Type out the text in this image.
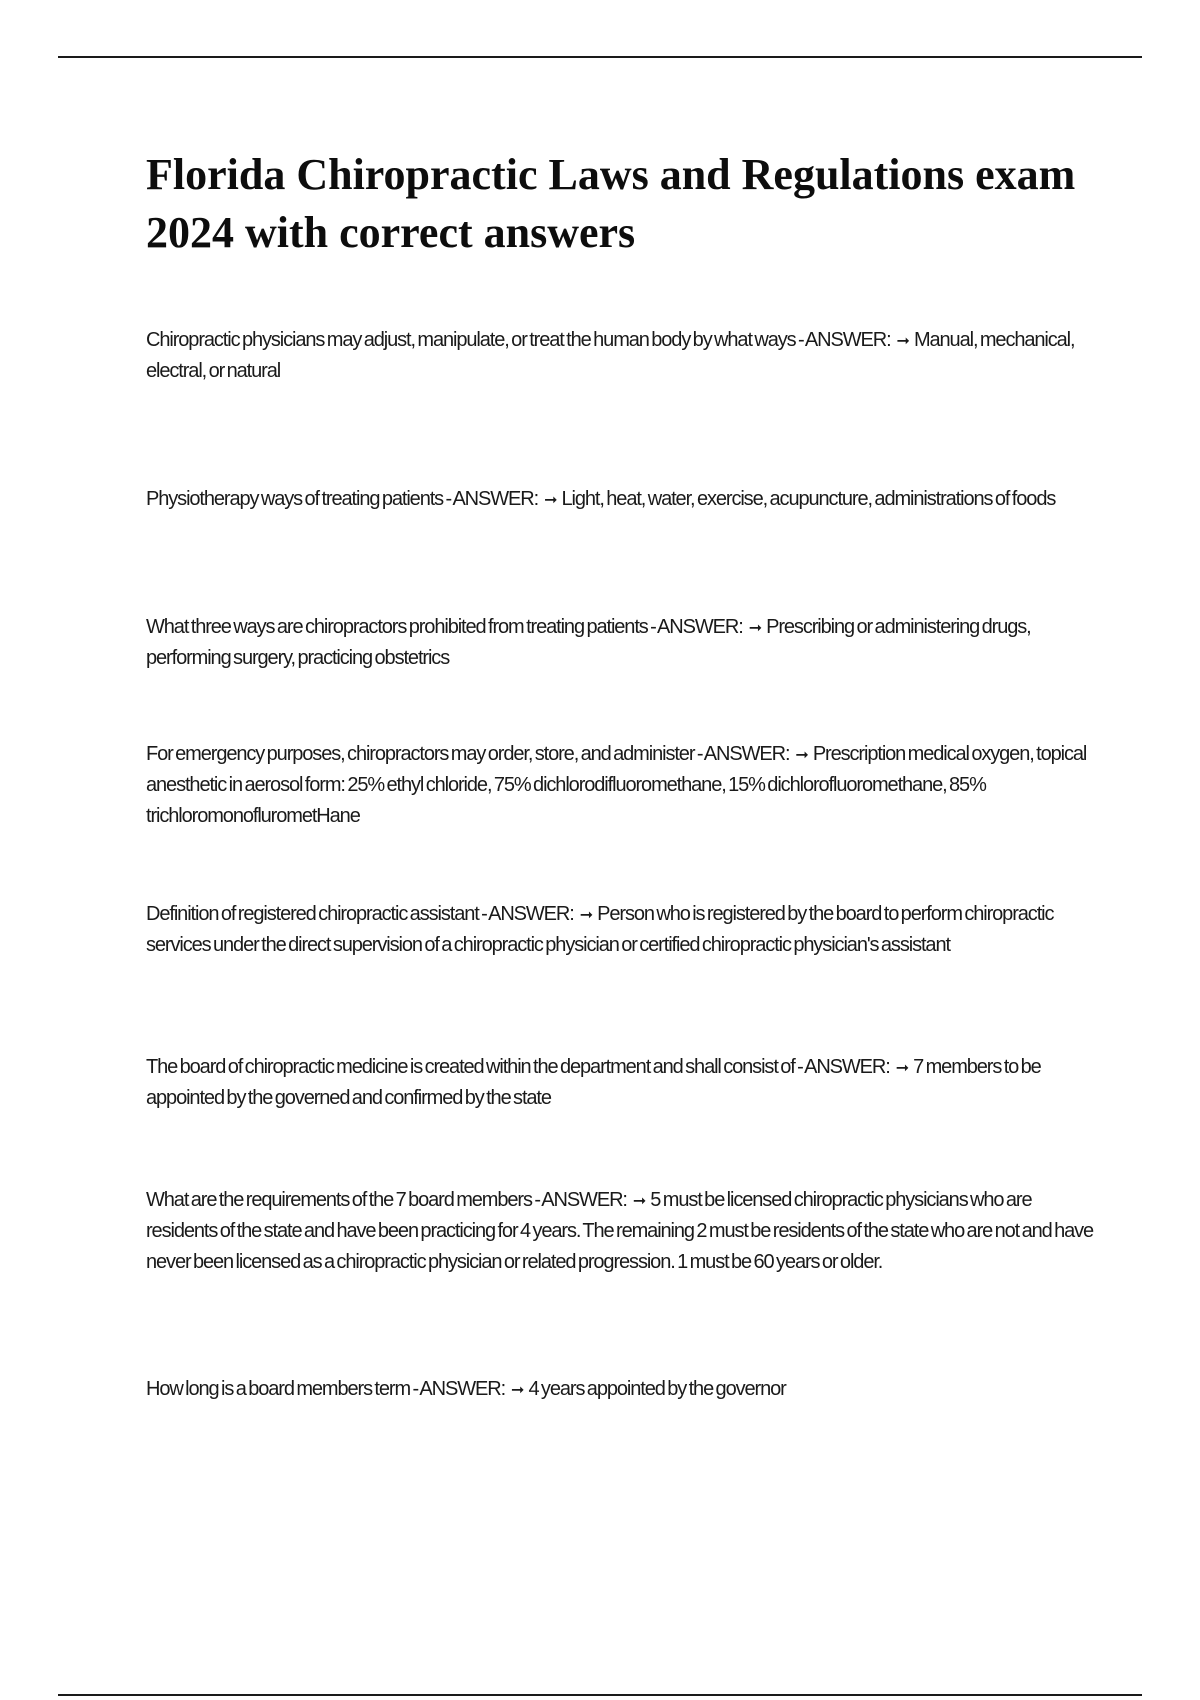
Florida Chiropractic Laws and Regulations exam 2024 with correct answers

Chiropractic physicians may adjust, manipulate, or treat the human body by what ways - ANSWER: ➞ Manual, mechanical, electral, or natural

Physiotherapy ways of treating patients - ANSWER: ➞ Light, heat, water, exercise, acupuncture, administrations of foods

What three ways are chiropractors prohibited from treating patients - ANSWER: ➞ Prescribing or administering drugs, performing surgery, practicing obstetrics

For emergency purposes, chiropractors may order, store, and administer - ANSWER: ➞ Prescription medical oxygen, topical anesthetic in aerosol form: 25% ethyl chloride, 75% dichlorodifluoromethane, 15% dichlorofluoromethane, 85% trichloromonoflurometHane

Definition of registered chiropractic assistant - ANSWER: ➞ Person who is registered by the board to perform chiropractic services under the direct supervision of a chiropractic physician or certified chiropractic physician's assistant

The board of chiropractic medicine is created within the department and shall consist of - ANSWER: ➞ 7 members to be appointed by the governed and confirmed by the state

What are the requirements of the 7 board members - ANSWER: ➞ 5 must be licensed chiropractic physicians who are residents of the state and have been practicing for 4 years. The remaining 2 must be residents of the state who are not and have never been licensed as a chiropractic physician or related progression. 1 must be 60 years or older.

How long is a board members term - ANSWER: ➞ 4 years appointed by the governor
